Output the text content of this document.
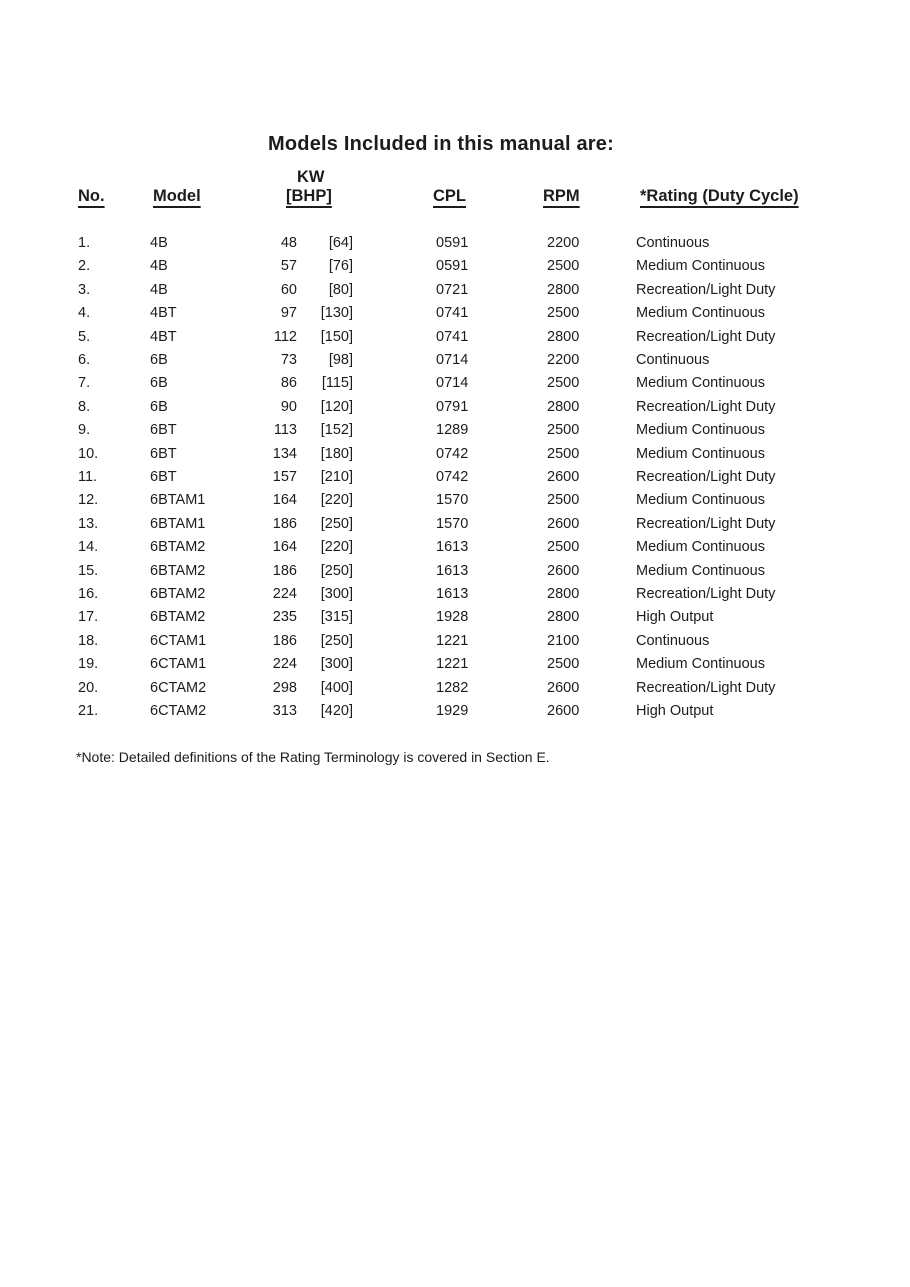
Models Included in this manual are:
No.	Model
KW
[BHP]	CPL	RPM	*Rating (Duty Cycle)
1.	4B	48 [64]	0591	2200	Continuous
2.	4B	57 [76]	0591	2500	Medium Continuous
3.	4B	60 [80]	0721	2800	Recreation/Light Duty
4.	4BT	97 [130]	0741	2500	Medium Continuous
5.	4BT	112 [150]	0741	2800	Recreation/Light Duty
6.	6B	73 [98]	0714	2200	Continuous
7.	6B	86 [115]	0714	2500	Medium Continuous
8.	6B	90 [120]	0791	2800	Recreation/Light Duty
9.	6BT	113 [152]	1289	2500	Medium Continuous
10.	6BT	134 [180]	0742	2500	Medium Continuous
11.	6BT	157 [210]	0742	2600	Recreation/Light Duty
12.	6BTAM1	164 [220]	1570	2500	Medium Continuous
13.	6BTAM1	186 [250]	1570	2600	Recreation/Light Duty
14.	6BTAM2	164 [220]	1613	2500	Medium Continuous
15.	6BTAM2	186 [250]	1613	2600	Medium Continuous
16.	6BTAM2	224 [300]	1613	2800	Recreation/Light Duty
17.	6BTAM2	235 [315]	1928	2800	High Output
18.	6CTAM1	186 [250]	1221	2100	Continuous
19.	6CTAM1	224 [300]	1221	2500	Medium Continuous
20.	6CTAM2	298 [400]	1282	2600	Recreation/Light Duty
21.	6CTAM2	313 [420]	1929	2600	High Output
*Note: Detailed definitions of the Rating Terminology is covered in Section E.
